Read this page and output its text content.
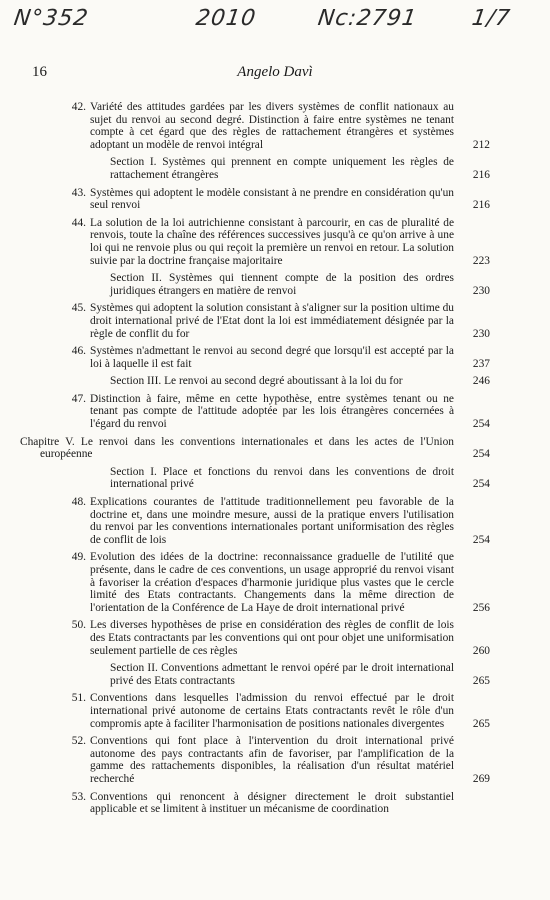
N°352	2010	Nc:2791 1/7
16	Angelo Davì
42. Variété des attitudes gardées par les divers systèmes de conflit nationaux au sujet du renvoi au second degré. Distinction à faire entre systèmes ne tenant compte à cet égard que des règles de rattachement étrangères et systèmes adoptant un modèle de renvoi intégral	212
Section I. Systèmes qui prennent en compte uniquement les règles de rattachement étrangères	216
43. Systèmes qui adoptent le modèle consistant à ne prendre en considération qu'un seul renvoi	216
44. La solution de la loi autrichienne consistant à parcourir, en cas de pluralité de renvois, toute la chaîne des références successives jusqu'à ce qu'on arrive à une loi qui ne renvoie plus ou qui reçoit la première un renvoi en retour. La solution suivie par la doctrine française majoritaire	223
Section II. Systèmes qui tiennent compte de la position des ordres juridiques étrangers en matière de renvoi	230
45. Systèmes qui adoptent la solution consistant à s'aligner sur la position ultime du droit international privé de l'Etat dont la loi est immédiatement désignée par la règle de conflit du for	230
46. Systèmes n'admettant le renvoi au second degré que lorsqu'il est accepté par la loi à laquelle il est fait	237
Section III. Le renvoi au second degré aboutissant à la loi du for	246
47. Distinction à faire, même en cette hypothèse, entre systèmes tenant ou ne tenant pas compte de l'attitude adoptée par les lois étrangères concernées à l'égard du renvoi	254
Chapitre V. Le renvoi dans les conventions internationales et dans les actes de l'Union européenne	254
Section I. Place et fonctions du renvoi dans les conventions de droit international privé	254
48. Explications courantes de l'attitude traditionnellement peu favorable de la doctrine et, dans une moindre mesure, aussi de la pratique envers l'utilisation du renvoi par les conventions internationales portant uniformisation des règles de conflit de lois	254
49. Evolution des idées de la doctrine: reconnaissance graduelle de l'utilité que présente, dans le cadre de ces conventions, un usage approprié du renvoi visant à favoriser la création d'espaces d'harmonie juridique plus vastes que le cercle limité des Etats contractants. Changements dans la même direction de l'orientation de la Conférence de La Haye de droit international privé	256
50. Les diverses hypothèses de prise en considération des règles de conflit de lois des Etats contractants par les conventions qui ont pour objet une uniformisation seulement partielle de ces règles	260
Section II. Conventions admettant le renvoi opéré par le droit international privé des Etats contractants	265
51. Conventions dans lesquelles l'admission du renvoi effectué par le droit international privé autonome de certains Etats contractants revêt le rôle d'un compromis apte à faciliter l'harmonisation de positions nationales divergentes	265
52. Conventions qui font place à l'intervention du droit international privé autonome des pays contractants afin de favoriser, par l'amplification de la gamme des rattachements disponibles, la réalisation d'un résultat matériel recherché	269
53. Conventions qui renoncent à désigner directement le droit substantiel applicable et se limitent à instituer un mécanisme de coordination
